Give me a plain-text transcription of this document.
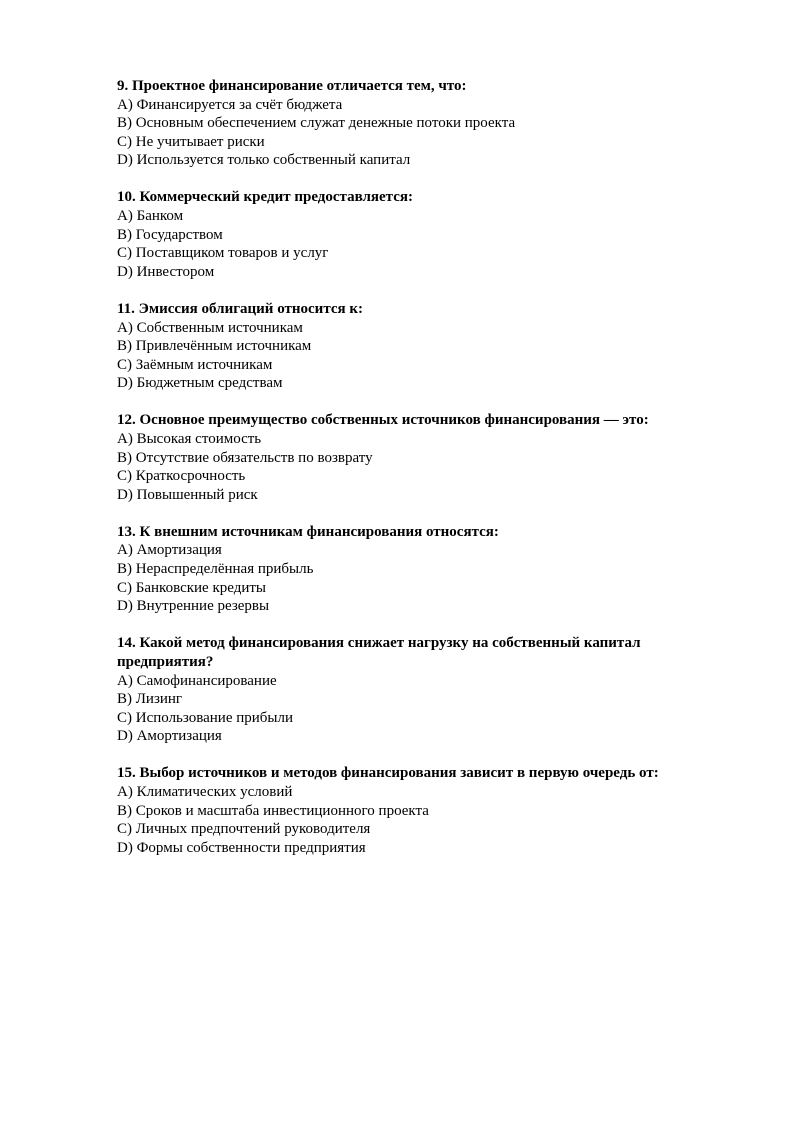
9. Проектное финансирование отличается тем, что:
A) Финансируется за счёт бюджета
B) Основным обеспечением служат денежные потоки проекта
C) Не учитывает риски
D) Используется только собственный капитал
10. Коммерческий кредит предоставляется:
A) Банком
B) Государством
C) Поставщиком товаров и услуг
D) Инвестором
11. Эмиссия облигаций относится к:
A) Собственным источникам
B) Привлечённым источникам
C) Заёмным источникам
D) Бюджетным средствам
12. Основное преимущество собственных источников финансирования — это:
A) Высокая стоимость
B) Отсутствие обязательств по возврату
C) Краткосрочность
D) Повышенный риск
13. К внешним источникам финансирования относятся:
A) Амортизация
B) Нераспределённая прибыль
C) Банковские кредиты
D) Внутренние резервы
14. Какой метод финансирования снижает нагрузку на собственный капитал предприятия?
A) Самофинансирование
B) Лизинг
C) Использование прибыли
D) Амортизация
15. Выбор источников и методов финансирования зависит в первую очередь от:
A) Климатических условий
B) Сроков и масштаба инвестиционного проекта
C) Личных предпочтений руководителя
D) Формы собственности предприятия
